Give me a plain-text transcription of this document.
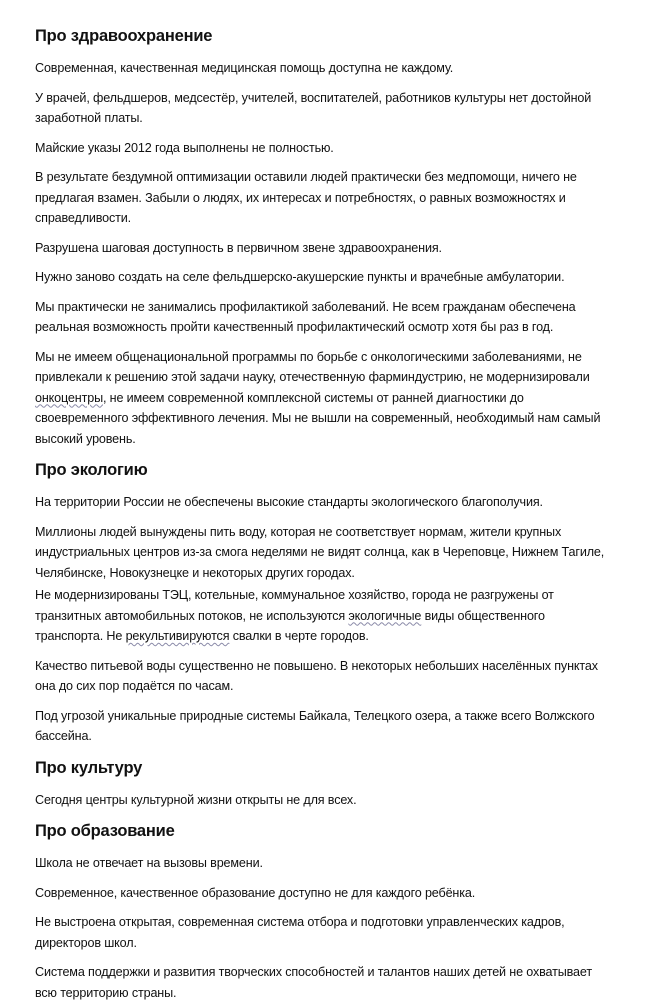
Про здравоохранение

Современная, качественная медицинская помощь доступна не каждому.

У врачей, фельдшеров, медсестёр, учителей, воспитателей, работников культуры нет достойной
заработной платы.

Майские указы 2012 года выполнены не полностью.

В результате бездумной оптимизации оставили людей практически без медпомощи, ничего не
предлагая взамен. Забыли о людях, их интересах и потребностях, о равных возможностях и
справедливости.

Разрушена шаговая доступность в первичном звене здравоохранения.

Нужно заново создать на селе фельдшерско-акушерские пункты и врачебные амбулатории.

Мы практически не занимались профилактикой заболеваний. Не всем гражданам обеспечена
реальная возможность пройти качественный профилактический осмотр хотя бы раз в год.

Мы не имеем общенациональной программы по борьбе с онкологическими заболеваниями, не
привлекали к решению этой задачи науку, отечественную фарминдустрию, не модернизировали
онкоцентры, не имеем современной комплексной системы от ранней диагностики до
своевременного эффективного лечения. Мы не вышли на современный, необходимый нам самый
высокий уровень.

Про экологию

На территории России не обеспечены высокие стандарты экологического благополучия.

Миллионы людей вынуждены пить воду, которая не соответствует нормам, жители крупных
индустриальных центров из-за смога неделями не видят солнца, как в Череповце, Нижнем Тагиле,
Челябинске, Новокузнецке и некоторых других городах.

Не модернизированы ТЭЦ, котельные, коммунальное хозяйство, города не разгружены от
транзитных автомобильных потоков, не используются экологичные виды общественного
транспорта. Не рекультивируются свалки в черте городов.

Качество питьевой воды существенно не повышено. В некоторых небольших населённых пунктах
она до сих пор подаётся по часам.

Под угрозой уникальные природные системы Байкала, Телецкого озера, а также всего Волжского
бассейна.

Про культуру

Сегодня центры культурной жизни открыты не для всех.

Про образование

Школа не отвечает на вызовы времени.

Современное, качественное образование доступно не для каждого ребёнка.

Не выстроена открытая, современная система отбора и подготовки управленческих кадров,
директоров школ.

Система поддержки и развития творческих способностей и талантов наших детей не охватывает
всю территорию страны.
